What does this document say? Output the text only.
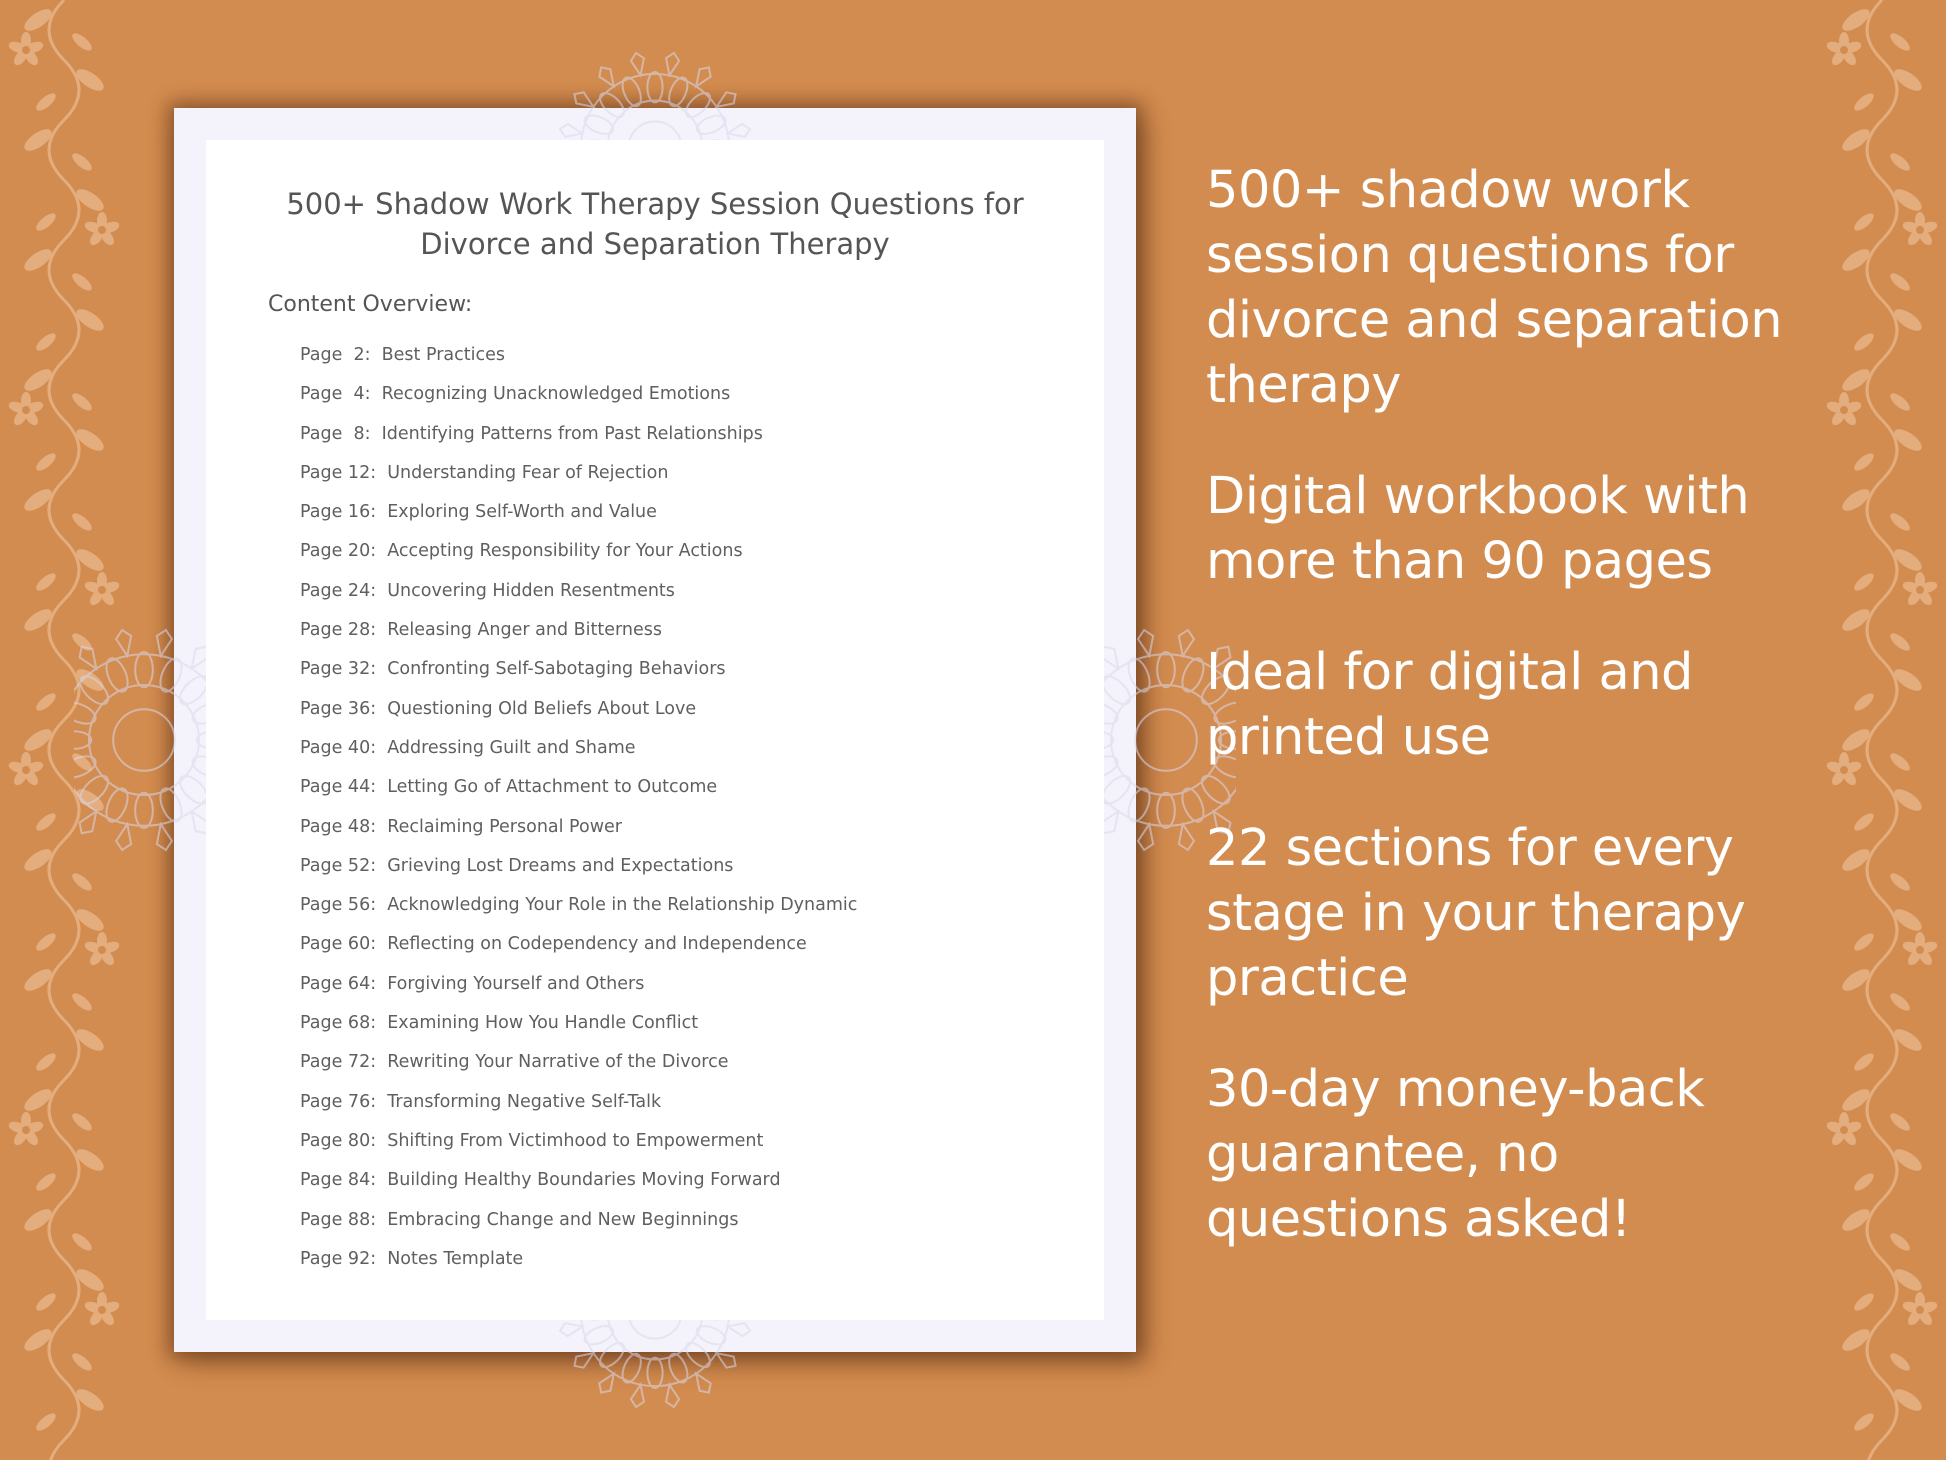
500+ Shadow Work Therapy Session Questions for
Divorce and Separation Therapy
Content Overview:
Page  2:  Best Practices
Page  4:  Recognizing Unacknowledged Emotions
Page  8:  Identifying Patterns from Past Relationships
Page 12:  Understanding Fear of Rejection
Page 16:  Exploring Self-Worth and Value
Page 20:  Accepting Responsibility for Your Actions
Page 24:  Uncovering Hidden Resentments
Page 28:  Releasing Anger and Bitterness
Page 32:  Confronting Self-Sabotaging Behaviors
Page 36:  Questioning Old Beliefs About Love
Page 40:  Addressing Guilt and Shame
Page 44:  Letting Go of Attachment to Outcome
Page 48:  Reclaiming Personal Power
Page 52:  Grieving Lost Dreams and Expectations
Page 56:  Acknowledging Your Role in the Relationship Dynamic
Page 60:  Reflecting on Codependency and Independence
Page 64:  Forgiving Yourself and Others
Page 68:  Examining How You Handle Conflict
Page 72:  Rewriting Your Narrative of the Divorce
Page 76:  Transforming Negative Self-Talk
Page 80:  Shifting From Victimhood to Empowerment
Page 84:  Building Healthy Boundaries Moving Forward
Page 88:  Embracing Change and New Beginnings
Page 92:  Notes Template

500+ shadow work
session questions for
divorce and separation
therapy

Digital workbook with
more than 90 pages

Ideal for digital and
printed use

22 sections for every
stage in your therapy
practice

30-day money-back
guarantee, no
questions asked!
